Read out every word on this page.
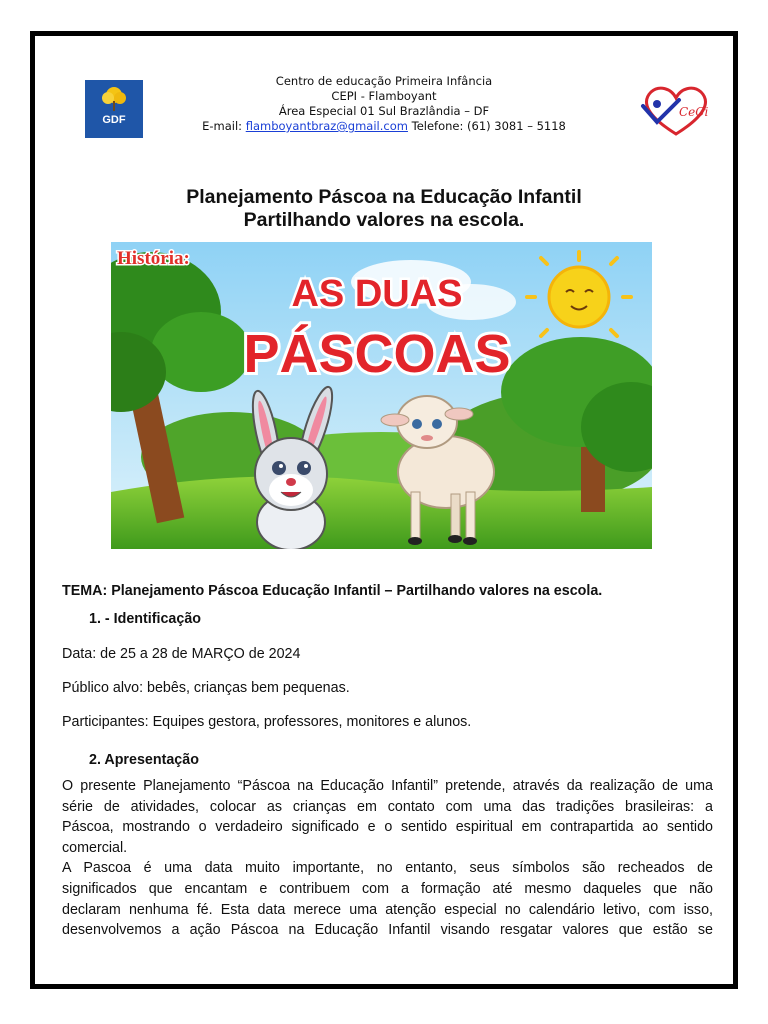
GDF
Centro de educação Primeira Infância
CEPI - Flamboyant
Área Especial 01 Sul Brazlândia – DF
E-mail: flamboyantbraz@gmail.com Telefone: (61) 3081 – 5118
CeCi
Planejamento Páscoa na Educação Infantil
Partilhando valores na escola.
História:
AS DUAS
PÁSCOAS
TEMA: Planejamento Páscoa Educação Infantil – Partilhando valores na escola.
1. - Identificação
Data: de 25 a 28 de MARÇO de 2024
Público alvo: bebês, crianças bem pequenas.
Participantes: Equipes gestora, professores, monitores e alunos.
2. Apresentação
O presente Planejamento “Páscoa na Educação Infantil” pretende, através da realização de uma
série de atividades, colocar as crianças em contato com uma das tradições brasileiras: a
Páscoa, mostrando o verdadeiro significado e o sentido espiritual em contrapartida ao sentido
comercial.
A Pascoa é uma data muito importante, no entanto, seus símbolos são recheados de
significados que encantam e contribuem com a formação até mesmo daqueles que não
declaram nenhuma fé. Esta data merece uma atenção especial no calendário letivo, com isso,
desenvolvemos a ação Páscoa na Educação Infantil visando resgatar valores que estão se
